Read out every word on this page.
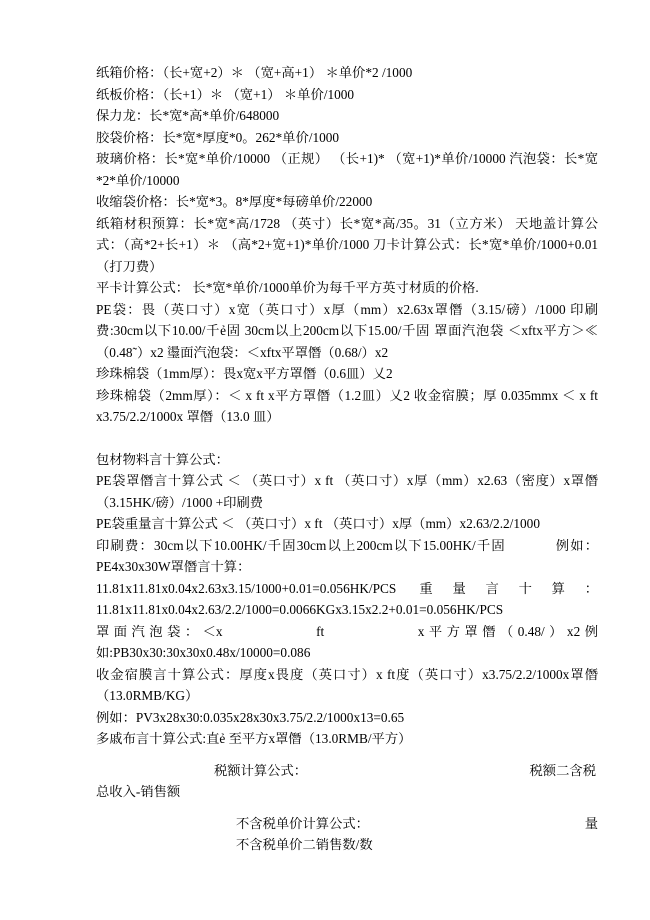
纸箱价格：（长+宽+2）＊ （宽+高+1） ＊单价*2 /1000

纸板价格：（长+1）＊ （宽+1） ＊单价/1000

保力龙：长*宽*高*单价/648000

胶袋价格：长*宽*厚度*0。262*单价/1000

玻璃价格：长*宽*单价/10000 （正规） （长+1)* （宽+1)*单价/10000 汽泡袋：长*宽*2*单价/10000

收缩袋价格：长*宽*3。8*厚度*每磅单价/22000

纸箱材积预算：长*宽*高/1728 （英寸）长*宽*高/35。31（立方米） 天地盖计算公式：（高*2+长+1）＊ （高*2+宽+1)*单价/1000 刀卡计算公式：长*宽*单价/1000+0.01（打刀费）

平卡计算公式： 长*宽*单价/1000单价为每千平方英寸材质的价格.

PE袋：畏（英口寸）x宽（英口寸）x厚（mm）x2.63x罩僭（3.15/磅）/1000 印刷费:30cm以下10.00/千ẻ固 30cm以上200cm以下15.00/千固 罩面汽泡袋 ＜xftx平方＞≪（0.48˜）x2 璗面汽泡袋：＜xftx平罩僭（0.68/）x2

珍珠棉袋（1mm厚）：畏x宽x平方罩僭（0.6皿）乂2

珍珠棉袋（2mm厚）：＜ x ft x平方罩僭（1.2皿）乂2 收金宿膜；厚 0.035mmx ＜ x ft x3.75/2.2/1000x 罩僭（13.0 皿）

包材物料言十算公式：

PE袋罩僭言十算公式 ＜ （英口寸）x ft （英口寸）x厚（mm）x2.63（密度）x罩僭 （3.15HK/磅）/1000 +印刷费

PE袋重量言十算公式 ＜ （英口寸）x ft （英口寸）x厚（mm）x2.63/2.2/1000

印刷费：30cm以下10.00HK/千固30cm以上200cm以下15.00HK/千固           例如：PE4x30x30W罩僭言十算：

11.81x11.81x0.04x2.63x3.15/1000+0.01=0.056HK/PCS 重量言十算：11.81x11.81x0.04x2.63/2.2/1000=0.0066KGx3.15x2.2+0.01=0.056HK/PCS

罩面汽泡袋：＜x            ft            x平方罩僭（0.48/）x2例如:PB30x30:30x30x0.48x/10000=0.086

收金宿膜言十算公式：厚度x畏度（英口寸）x ft度（英口寸）x3.75/2.2/1000x罩僭 （13.0RMB/KG）

例如：PV3x28x30:0.035x28x30x3.75/2.2/1000x13=0.65

多戚布言十算公式:直ẻ 至平方x罩僭（13.0RMB/平方）

税额计算公式：	税额二含税

总收入-销售额

不含税单价计算公式：	量

不含税单价二销售数/数
